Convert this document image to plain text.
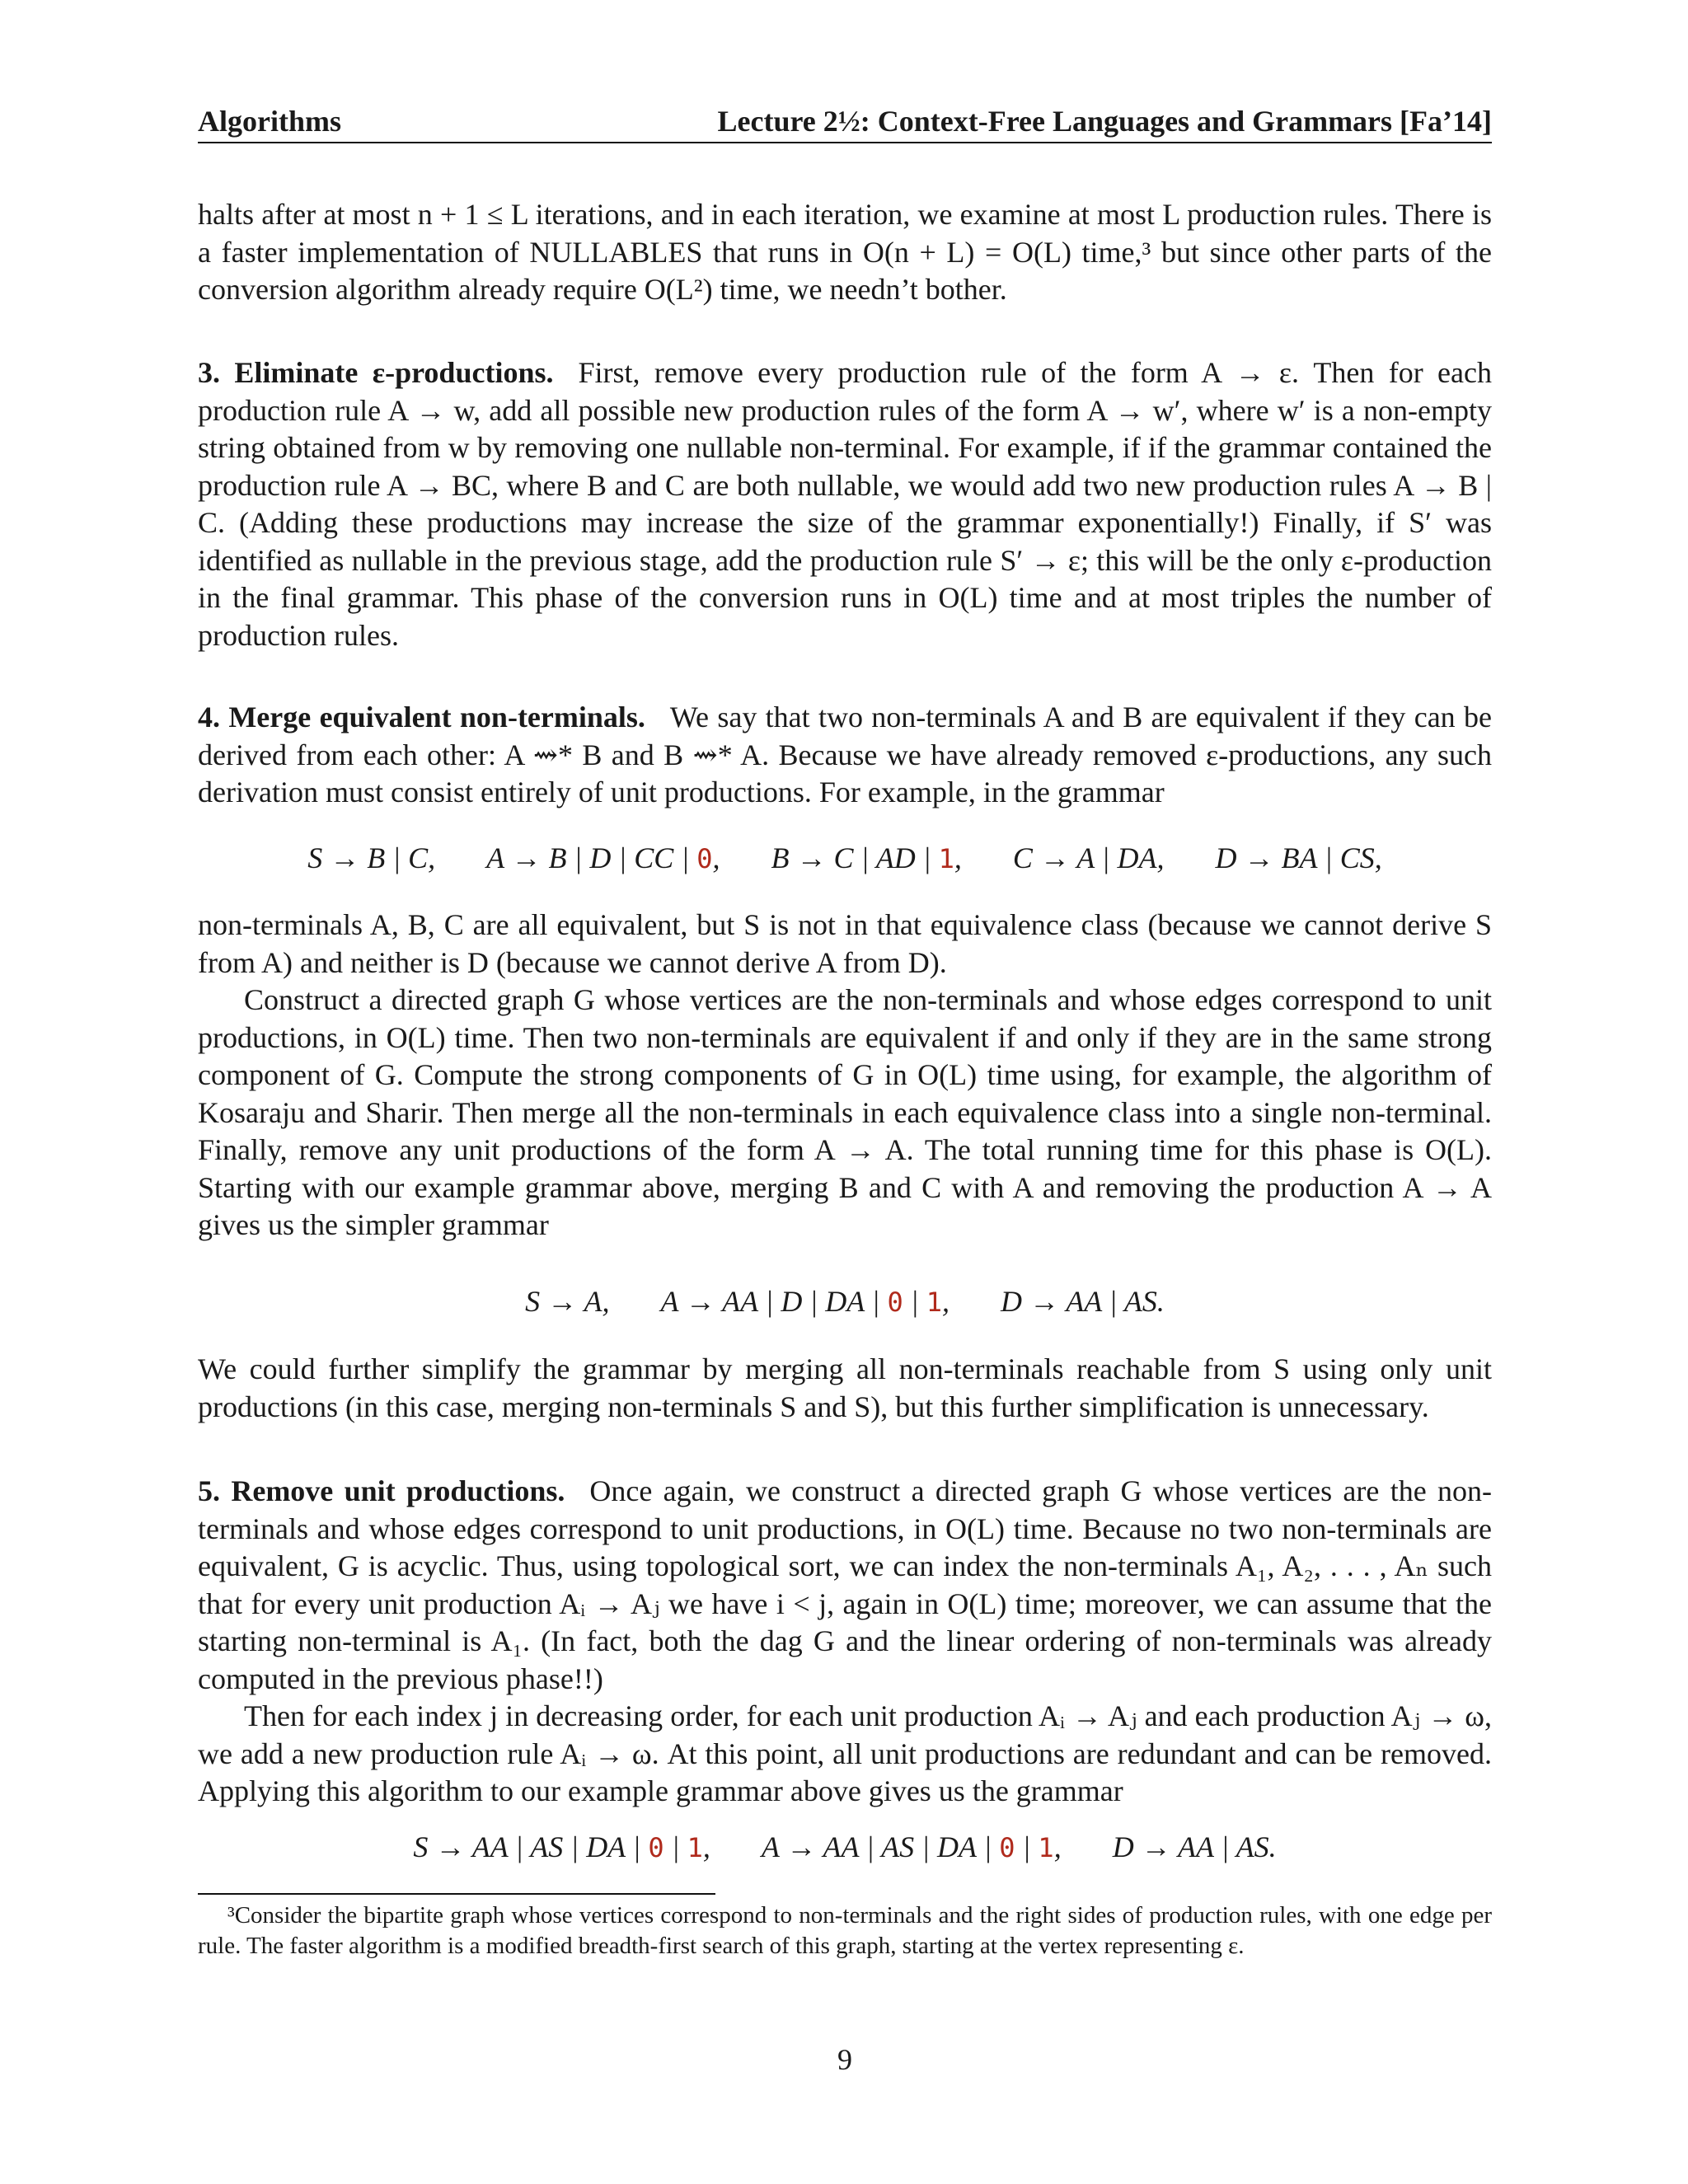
Algorithms	Lecture 2½: Context-Free Languages and Grammars [Fa’14]

halts after at most n + 1 ≤ L iterations, and in each iteration, we examine at most L production rules. There is a faster implementation of NULLABLES that runs in O(n + L) = O(L) time,³ but since other parts of the conversion algorithm already require O(L²) time, we needn’t bother.

3. Eliminate ε-productions. First, remove every production rule of the form A → ε. Then for each production rule A → w, add all possible new production rules of the form A → w′, where w′ is a non-empty string obtained from w by removing one nullable non-terminal. For example, if if the grammar contained the production rule A → BC, where B and C are both nullable, we would add two new production rules A → B | C. (Adding these productions may increase the size of the grammar exponentially!) Finally, if S′ was identified as nullable in the previous stage, add the production rule S′ → ε; this will be the only ε-production in the final grammar. This phase of the conversion runs in O(L) time and at most triples the number of production rules.

4. Merge equivalent non-terminals. We say that two non-terminals A and B are equivalent if they can be derived from each other: A ⇝* B and B ⇝* A. Because we have already removed ε-productions, any such derivation must consist entirely of unit productions. For example, in the grammar

S → B | C, A → B | D | CC | 0, B → C | AD | 1, C → A | DA, D → BA | CS,

non-terminals A, B, C are all equivalent, but S is not in that equivalence class (because we cannot derive S from A) and neither is D (because we cannot derive A from D).

Construct a directed graph G whose vertices are the non-terminals and whose edges correspond to unit productions, in O(L) time. Then two non-terminals are equivalent if and only if they are in the same strong component of G. Compute the strong components of G in O(L) time using, for example, the algorithm of Kosaraju and Sharir. Then merge all the non-terminals in each equivalence class into a single non-terminal. Finally, remove any unit productions of the form A → A. The total running time for this phase is O(L). Starting with our example grammar above, merging B and C with A and removing the production A → A gives us the simpler grammar

S → A, A → AA | D | DA | 0 | 1, D → AA | AS.

We could further simplify the grammar by merging all non-terminals reachable from S using only unit productions (in this case, merging non-terminals S and S), but this further simplification is unnecessary.

5. Remove unit productions. Once again, we construct a directed graph G whose vertices are the non-terminals and whose edges correspond to unit productions, in O(L) time. Because no two non-terminals are equivalent, G is acyclic. Thus, using topological sort, we can index the non-terminals A₁, A₂, . . . , Aₙ such that for every unit production Aᵢ → Aⱼ we have i < j, again in O(L) time; moreover, we can assume that the starting non-terminal is A₁. (In fact, both the dag G and the linear ordering of non-terminals was already computed in the previous phase!!)

Then for each index j in decreasing order, for each unit production Aᵢ → Aⱼ and each production Aⱼ → ω, we add a new production rule Aᵢ → ω. At this point, all unit productions are redundant and can be removed. Applying this algorithm to our example grammar above gives us the grammar

S → AA | AS | DA | 0 | 1, A → AA | AS | DA | 0 | 1, D → AA | AS.

³Consider the bipartite graph whose vertices correspond to non-terminals and the right sides of production rules, with one edge per rule. The faster algorithm is a modified breadth-first search of this graph, starting at the vertex representing ε.

9
